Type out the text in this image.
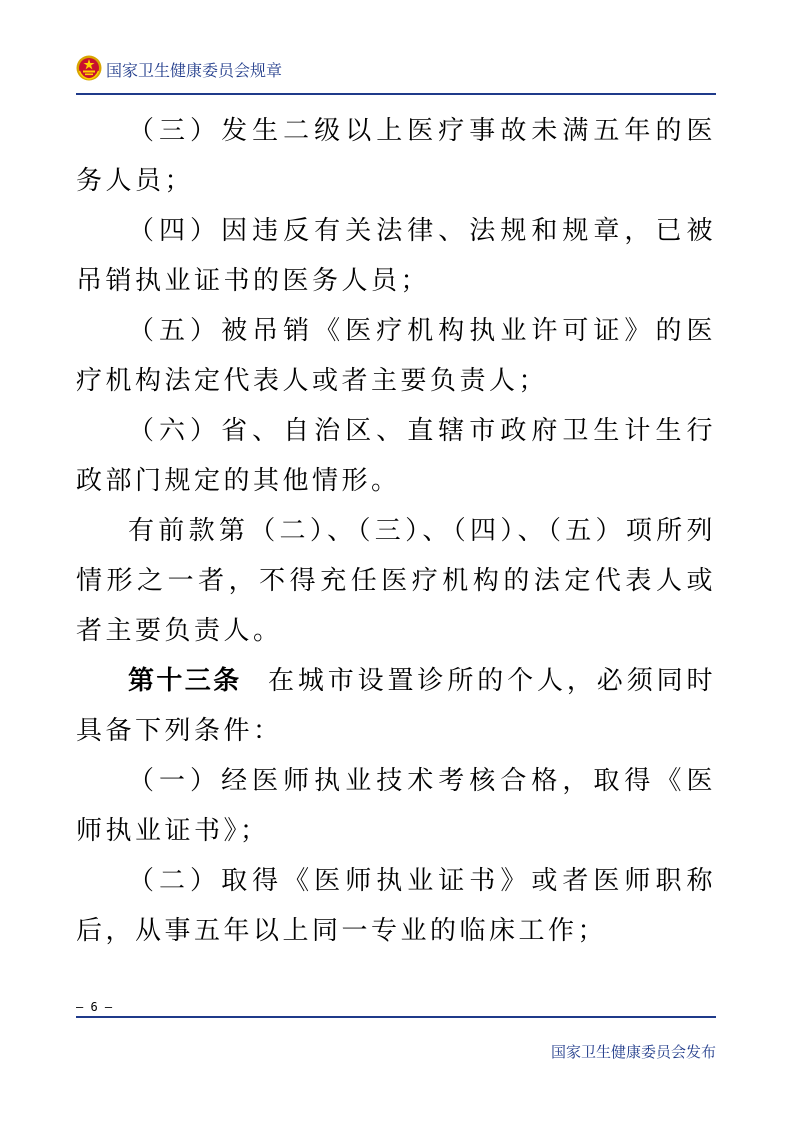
国家卫生健康委员会规章

（三）发生二级以上医疗事故未满五年的医务人员；

（四）因违反有关法律、法规和规章，已被吊销执业证书的医务人员；

（五）被吊销《医疗机构执业许可证》的医疗机构法定代表人或者主要负责人；

（六）省、自治区、直辖市政府卫生计生行政部门规定的其他情形。

有前款第（二）、（三）、（四）、（五）项所列情形之一者，不得充任医疗机构的法定代表人或者主要负责人。

第十三条 在城市设置诊所的个人，必须同时具备下列条件：

（一）经医师执业技术考核合格，取得《医师执业证书》；

（二）取得《医师执业证书》或者医师职称后，从事五年以上同一专业的临床工作；

– 6 –
国家卫生健康委员会发布
